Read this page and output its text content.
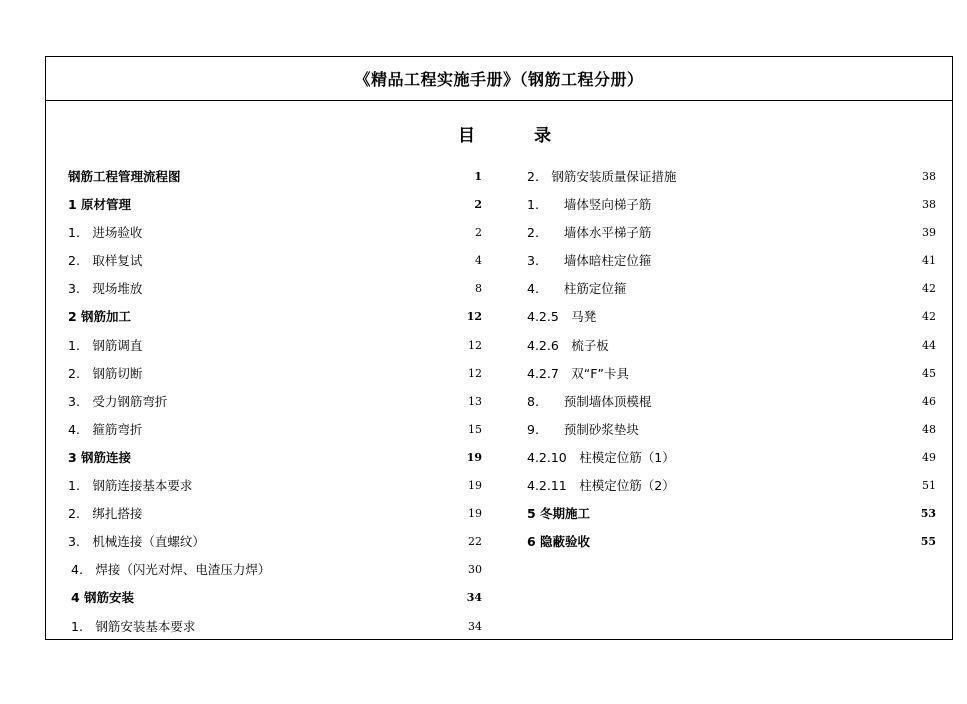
《精品工程实施手册》（钢筋工程分册）
目	录
钢筋工程管理流程图	1
1 原材管理	2
1.　进场验收	2
2.　取样复试	4
3.　现场堆放	8
2 钢筋加工	12
1.　钢筋调直	12
2.　钢筋切断	12
3.　受力钢筋弯折	13
4.　箍筋弯折	15
3 钢筋连接	19
1.　钢筋连接基本要求	19
2.　绑扎搭接	19
3.　机械连接（直螺纹）	22
4.　焊接（闪光对焊、电渣压力焊）	30
4 钢筋安装	34
1.　钢筋安装基本要求	34
2.　钢筋安装质量保证措施	38
1.　　墙体竖向梯子筋	38
2.　　墙体水平梯子筋	39
3.　　墙体暗柱定位箍	41
4.　　柱筋定位箍	42
4.2.5　马凳	42
4.2.6　梳子板	44
4.2.7　双“F”卡具	45
8.　　预制墙体顶模棍	46
9.　　预制砂浆垫块	48
4.2.10　柱模定位筋（1）	49
4.2.11　柱模定位筋（2）	51
5 冬期施工	53
6 隐蔽验收	55
